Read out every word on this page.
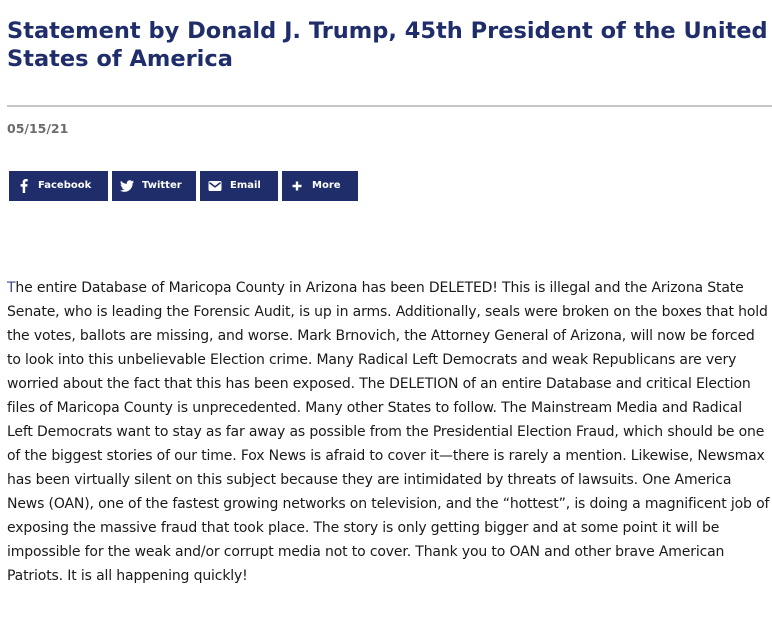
Statement by Donald J. Trump, 45th President of the United States of America
05/15/21
Facebook	Twitter	Email	More

The entire Database of Maricopa County in Arizona has been DELETED! This is illegal and the Arizona State Senate, who is leading the Forensic Audit, is up in arms. Additionally, seals were broken on the boxes that hold the votes, ballots are missing, and worse. Mark Brnovich, the Attorney General of Arizona, will now be forced to look into this unbelievable Election crime. Many Radical Left Democrats and weak Republicans are very worried about the fact that this has been exposed. The DELETION of an entire Database and critical Election files of Maricopa County is unprecedented. Many other States to follow. The Mainstream Media and Radical Left Democrats want to stay as far away as possible from the Presidential Election Fraud, which should be one of the biggest stories of our time. Fox News is afraid to cover it—there is rarely a mention. Likewise, Newsmax has been virtually silent on this subject because they are intimidated by threats of lawsuits. One America News (OAN), one of the fastest growing networks on television, and the “hottest”, is doing a magnificent job of exposing the massive fraud that took place. The story is only getting bigger and at some point it will be impossible for the weak and/or corrupt media not to cover. Thank you to OAN and other brave American Patriots. It is all happening quickly!
